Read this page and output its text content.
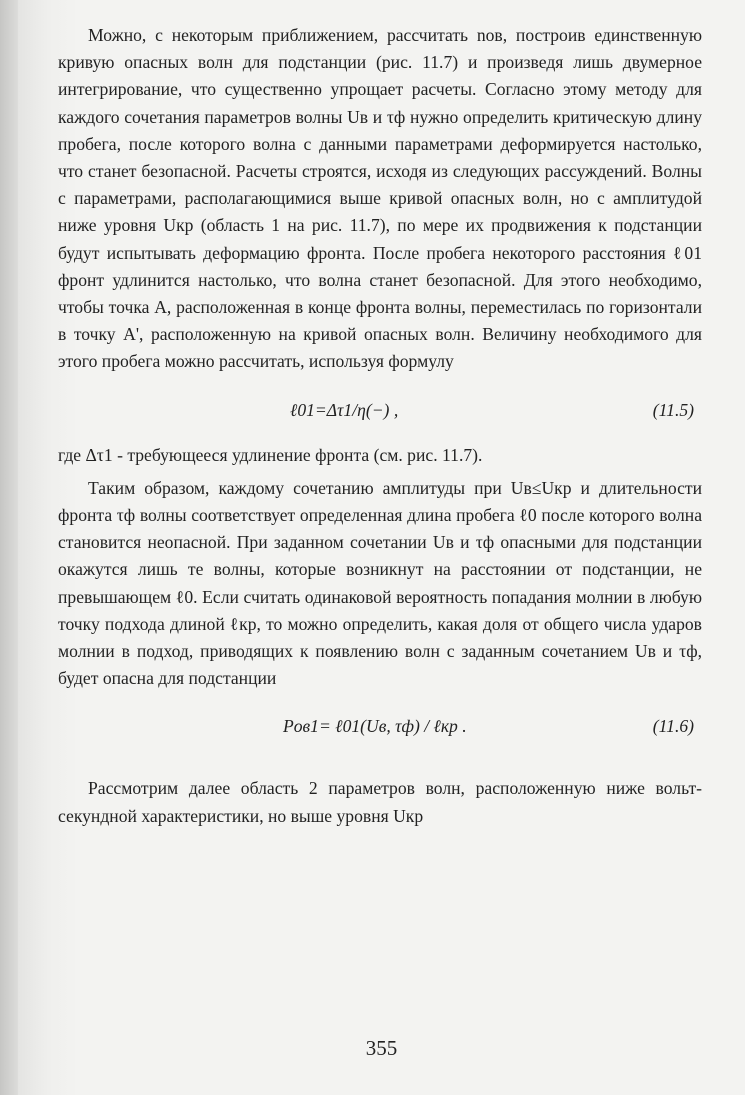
Можно, с некоторым приближением, рассчитать nов, построив единственную кривую опасных волн для подстанции (рис. 11.7) и произведя лишь двумерное интегрирование, что существенно упрощает расчеты. Согласно этому методу для каждого сочетания параметров волны Uв и τф нужно определить критическую длину пробега, после которого волна с данными параметрами деформируется настолько, что станет безопасной. Расчеты строятся, исходя из следующих рассуждений. Волны с параметрами, располагающимися выше кривой опасных волн, но с амплитудой ниже уровня Uкр (область 1 на рис. 11.7), по мере их продвижения к подстанции будут испытывать деформацию фронта. После пробега некоторого расстояния ℓ01 фронт удлинится настолько, что волна станет безопасной. Для этого необходимо, чтобы точка A, расположенная в конце фронта волны, переместилась по горизонтали в точку A', расположенную на кривой опасных волн. Величину необходимого для этого пробега можно рассчитать, используя формулу

ℓ01=Δτ1/η(−) ,	(11.5)

где Δτ1 - требующееся удлинение фронта (см. рис. 11.7).

Таким образом, каждому сочетанию амплитуды при Uв≤Uкр и длительности фронта τф волны соответствует определенная длина пробега ℓ0 после которого волна становится неопасной. При заданном сочетании Uв и τф опасными для подстанции окажутся лишь те волны, которые возникнут на расстоянии от подстанции, не превышающем ℓ0. Если считать одинаковой вероятность попадания молнии в любую точку подхода длиной ℓкр, то можно определить, какая доля от общего числа ударов молнии в подход, приводящих к появлению волн с заданным сочетанием Uв и τф, будет опасна для подстанции

Pов1= ℓ01(Uв, τф) / ℓкр .	(11.6)

Рассмотрим далее область 2 параметров волн, расположенную ниже вольт-секундной характеристики, но выше уровня Uкр

355
